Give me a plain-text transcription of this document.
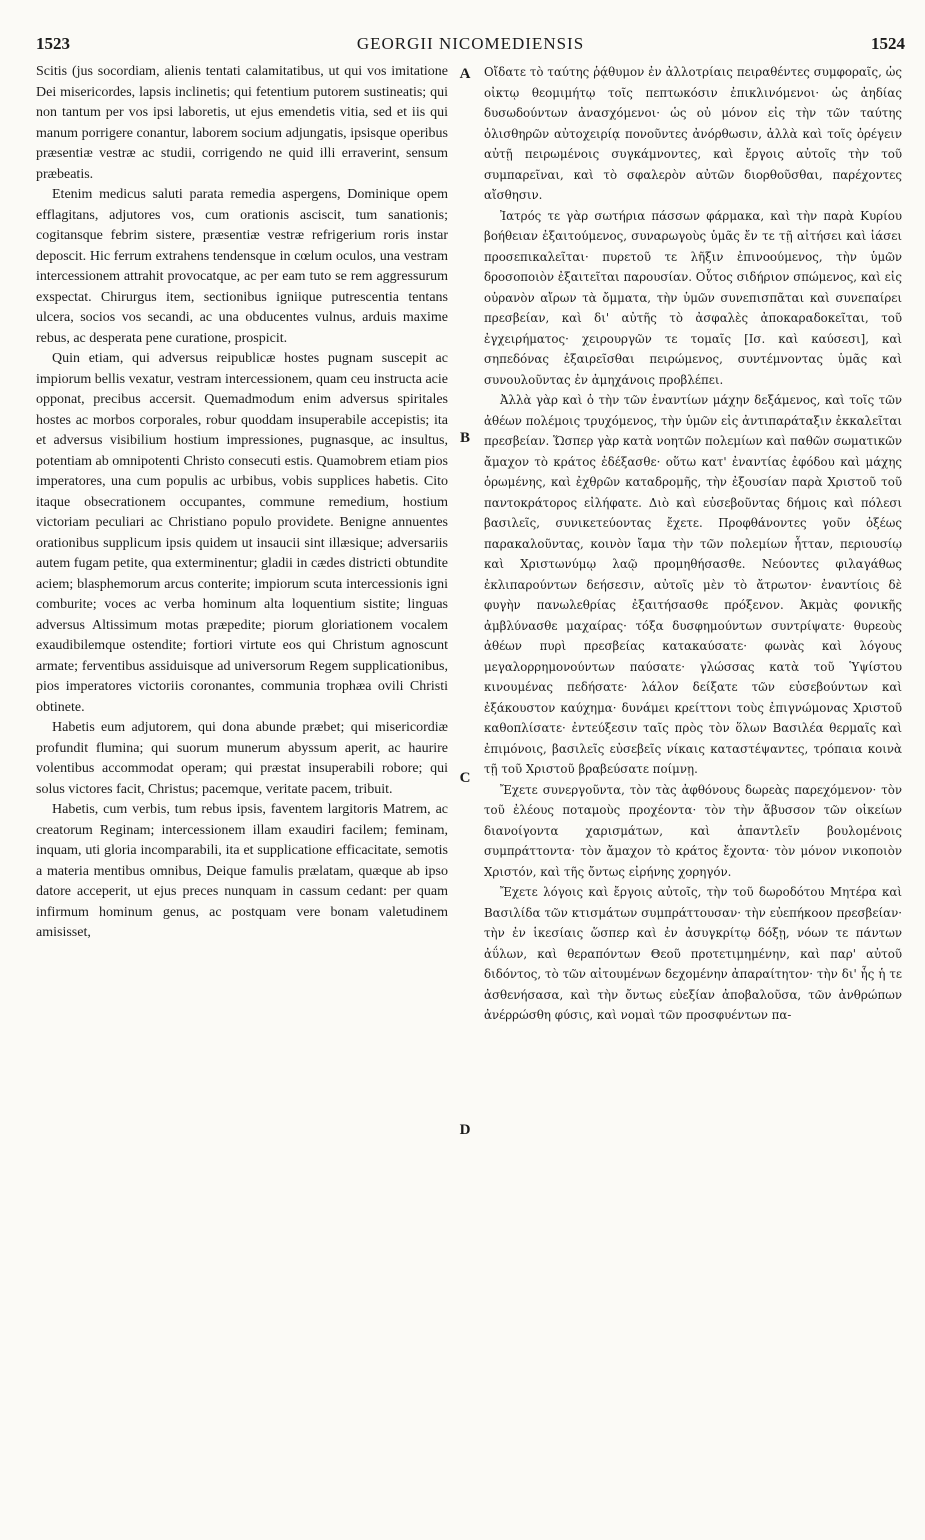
1523	GEORGII NICOMEDIENSIS	1524

Scitis (jus socordiam, alienis tentati calamitatibus, ut qui vos imitatione Dei misericordes, lapsis inclinetis; qui fetentium putorem sustineatis; qui non tantum per vos ipsi laboretis, ut ejus emendetis vitia, sed et iis qui manum porrigere conantur, laborem socium adjungatis, ipsisque operibus præsentiæ vestræ ac studii, corrigendo ne quid illi erraverint, sensum præbeatis.

Etenim medicus saluti parata remedia aspergens, Dominique opem efflagitans, adjutores vos, cum orationis asciscit, tum sanationis; cogitansque febrim sistere, præsentiæ vestræ refrigerium roris instar deposcit. Hic ferrum extrahens tendensque in cœlum oculos, una vestram intercessionem attrahit provocatque, ac per eam tuto se rem aggressurum exspectat. Chirurgus item, sectionibus igniique putrescentia tentans ulcera, socios vos secandi, ac una obducentes vulnus, arduis maxime rebus, ac desperata pene curatione, prospicit.

Quin etiam, qui adversus reipublicæ hostes pugnam suscepit ac impiorum bellis vexatur, vestram intercessionem, quam ceu instructa acie opponat, precibus accersit. Quemadmodum enim adversus spiritales hostes ac morbos corporales, robur quoddam insuperabile accepistis; ita et adversus visibilium hostium impressiones, pugnasque, ac insultus, potentiam ab omnipotenti Christo consecuti estis. Quamobrem etiam pios imperatores, una cum populis ac urbibus, vobis supplices habetis. Cito itaque obsecrationem occupantes, commune remedium, hostium victoriam peculiari ac Christiano populo providete. Benigne annuentes orationibus supplicum ipsis quidem ut insaucii sint illæsique; adversariis autem fugam petite, qua exterminentur; gladii in cædes districti obtundite aciem; blasphemorum arcus conterite; impiorum scuta intercessionis igni comburite; voces ac verba hominum alta loquentium sistite; linguas adversus Altissimum motas præpedite; piorum gloriationem vocalem exaudibilemque ostendite; fortiori virtute eos qui Christum agnoscunt armate; ferventibus assiduisque ad universorum Regem supplicationibus, pios imperatores victoriis coronantes, communia trophæa ovili Christi obtinete.

Habetis eum adjutorem, qui dona abunde præbet; qui misericordiæ profundit flumina; qui suorum munerum abyssum aperit, ac haurire volentibus accommodat operam; qui præstat insuperabili robore; qui solus victores facit, Christus; pacemque, veritate pacem, tribuit.

Habetis, cum verbis, tum rebus ipsis, faventem largitoris Matrem, ac creatorum Reginam; intercessionem illam exaudiri facilem; feminam, inquam, uti gloria incomparabili, ita et supplicatione efficacitate, semotis a materia mentibus omnibus, Deique famulis prælatam, quæque ab ipso datore acceperit, ut ejus preces nunquam in cassum cedant: per quam infirmum hominum genus, ac postquam vere bonam valetudinem amisisset,

A
B
C
D

Οἴδατε τὸ ταύτης ῥᾴθυμον ἐν ἀλλοτρίαις πειραθέντες συμφοραῖς, ὡς οἰκτῳ θεομιμήτῳ τοῖς πεπτωκόσιν ἐπικλινόμενοι· ὡς ἀηδίας δυσωδούντων ἀνασχόμενοι· ὡς οὐ μόνον εἰς τὴν τῶν ταύτης ὀλισθηρῶν αὐτοχειρίᾳ πονοῦντες ἀνόρθωσιν, ἀλλὰ καὶ τοῖς ὀρέγειν αὐτῇ πειρωμένοις συγκάμνοντες, καὶ ἔργοις αὐτοῖς τὴν τοῦ συμπαρεῖναι, καὶ τὸ σφαλερὸν αὐτῶν διορθοῦσθαι, παρέχοντες αἴσθησιν.

Ἰατρός τε γὰρ σωτήρια πάσσων φάρμακα, καὶ τὴν παρὰ Κυρίου βοήθειαν ἐξαιτούμενος, συναρωγοὺς ὑμᾶς ἔν τε τῇ αἰτήσει καὶ ἰάσει προσεπικαλεῖται· πυρετοῦ τε λῆξιν ἐπινοούμενος, τὴν ὑμῶν δροσοποιὸν ἐξαιτεῖται παρουσίαν. Οὗτος σιδήριον σπώμενος, καὶ εἰς οὐρανὸν αἴρων τὰ ὄμματα, τὴν ὑμῶν συνεπισπᾶται καὶ συνεπαίρει πρεσβείαν, καὶ δι' αὐτῆς τὸ ἀσφαλὲς ἀποκαραδοκεῖται, τοῦ ἐγχειρήματος· χειρουργῶν τε τομαῖς [Ισ. καὶ καύσεσι], καὶ σηπεδόνας ἐξαιρεῖσθαι πειρώμενος, συντέμνοντας ὑμᾶς καὶ συνουλοῦντας ἐν ἀμηχάνοις προβλέπει.

Ἀλλὰ γὰρ καὶ ὁ τὴν τῶν ἐναντίων μάχην δεξάμενος, καὶ τοῖς τῶν ἀθέων πολέμοις τρυχόμενος, τὴν ὑμῶν εἰς ἀντιπαράταξιν ἐκκαλεῖται πρεσβείαν. Ὥσπερ γὰρ κατὰ νοητῶν πολεμίων καὶ παθῶν σωματικῶν ἄμαχον τὸ κράτος ἐδέξασθε· οὕτω κατ' ἐναντίας ἐφόδου καὶ μάχης ὁρωμένης, καὶ ἐχθρῶν καταδρομῆς, τὴν ἐξουσίαν παρὰ Χριστοῦ τοῦ παντοκράτορος εἰλήφατε. Διὸ καὶ εὐσεβοῦντας δήμοις καὶ πόλεσι βασιλεῖς, συνικετεύοντας ἔχετε. Προφθάνοντες γοῦν ὀξέως παρακαλοῦντας, κοινὸν ἴαμα τὴν τῶν πολεμίων ἧτταν, περιουσίῳ καὶ Χριστωνύμῳ λαῷ προμηθήσασθε. Νεύοντες φιλαγάθως ἐκλιπαρούντων δεήσεσιν, αὐτοῖς μὲν τὸ ἄτρωτον· ἐναντίοις δὲ φυγὴν πανωλεθρίας ἐξαιτήσασθε πρόξενον. Ἀκμὰς φονικῆς ἀμβλύνασθε μαχαίρας· τόξα δυσφημούντων συντρίψατε· θυρεοὺς ἀθέων πυρὶ πρεσβείας κατακαύσατε· φωνὰς καὶ λόγους μεγαλορρημονούντων παύσατε· γλώσσας κατὰ τοῦ Ὑψίστου κινουμένας πεδήσατε· λάλον δείξατε τῶν εὐσεβούντων καὶ ἐξάκουστον καύχημα· δυνάμει κρείττονι τοὺς ἐπιγνώμονας Χριστοῦ καθοπλίσατε· ἐντεύξεσιν ταῖς πρὸς τὸν ὅλων Βασιλέα θερμαῖς καὶ ἐπιμόνοις, βασιλεῖς εὐσεβεῖς νίκαις καταστέψαντες, τρόπαια κοινὰ τῇ τοῦ Χριστοῦ βραβεύσατε ποίμνῃ.

Ἔχετε συνεργοῦντα, τὸν τὰς ἀφθόνους δωρεὰς παρεχόμενον· τὸν τοῦ ἐλέους ποταμοὺς προχέοντα· τὸν τὴν ἄβυσσον τῶν οἰκείων διανοίγοντα χαρισμάτων, καὶ ἀπαντλεῖν βουλομένοις συμπράττοντα· τὸν ἄμαχον τὸ κράτος ἔχοντα· τὸν μόνον νικοποιὸν Χριστόν, καὶ τῆς ὄντως εἰρήνης χορηγόν.

Ἔχετε λόγοις καὶ ἔργοις αὐτοῖς, τὴν τοῦ δωροδότου Μητέρα καὶ Βασιλίδα τῶν κτισμάτων συμπράττουσαν· τὴν εὐεπήκοον πρεσβείαν· τὴν ἐν ἱκεσίαις ὥσπερ καὶ ἐν ἀσυγκρίτῳ δόξῃ, νόων τε πάντων ἀΰλων, καὶ θεραπόντων Θεοῦ προτετιμημένην, καὶ παρ' αὐτοῦ διδόντος, τὸ τῶν αἰτουμένων δεχομένην ἀπαραίτητον· τὴν δι' ἧς ἡ τε ἀσθενήσασα, καὶ τὴν ὄντως εὐεξίαν ἀποβαλοῦσα, τῶν ἀνθρώπων ἀνέρρώσθη φύσις, καὶ νομαὶ τῶν προσφυέντων πα-
